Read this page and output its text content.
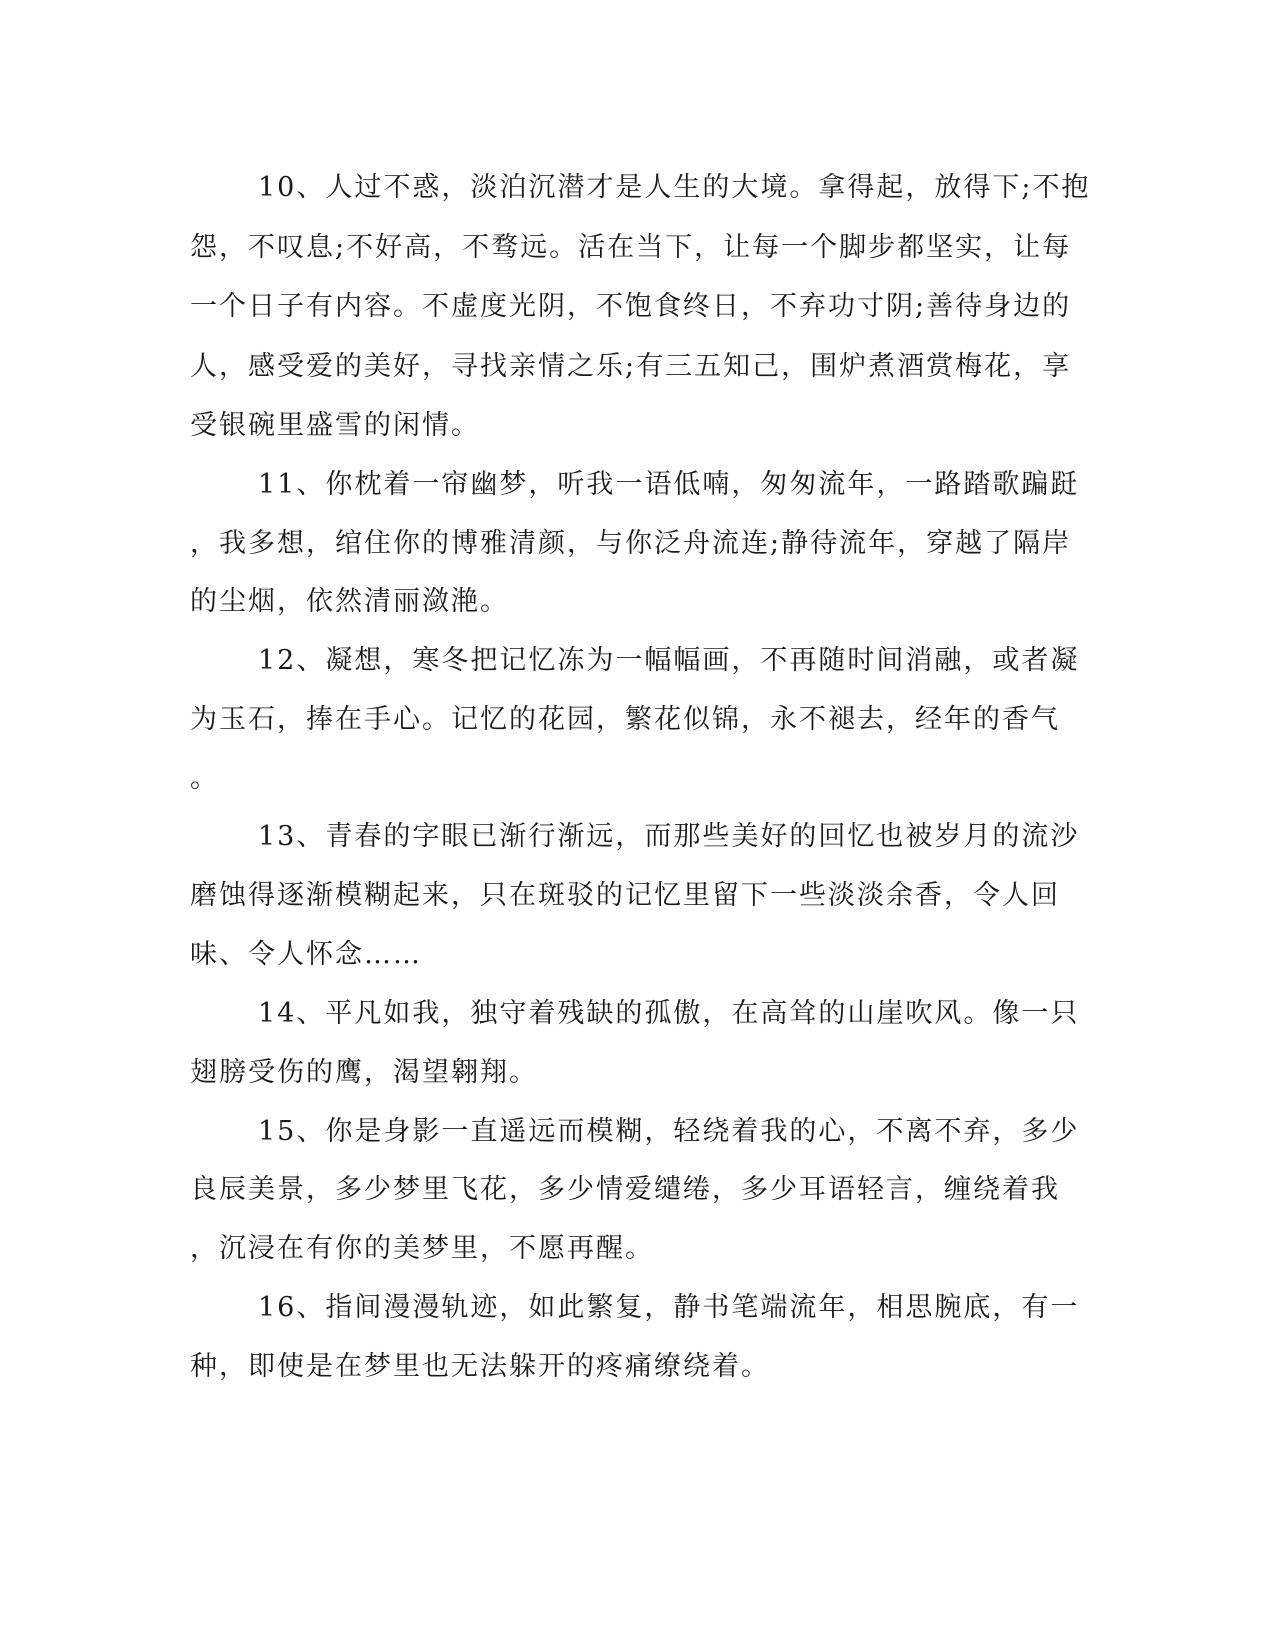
10、人过不惑，淡泊沉潜才是人生的大境。拿得起，放得下;不抱
怨，不叹息;不好高，不骛远。活在当下，让每一个脚步都坚实，让每
一个日子有内容。不虚度光阴，不饱食终日，不弃功寸阴;善待身边的
人，感受爱的美好，寻找亲情之乐;有三五知己，围炉煮酒赏梅花，享
受银碗里盛雪的闲情。
11、你枕着一帘幽梦，听我一语低喃，匆匆流年，一路踏歌蹁跹
，我多想，绾住你的博雅清颜，与你泛舟流连;静待流年，穿越了隔岸
的尘烟，依然清丽潋滟。
12、凝想，寒冬把记忆冻为一幅幅画，不再随时间消融，或者凝
为玉石，捧在手心。记忆的花园，繁花似锦，永不褪去，经年的香气
。
13、青春的字眼已渐行渐远，而那些美好的回忆也被岁月的流沙
磨蚀得逐渐模糊起来，只在斑驳的记忆里留下一些淡淡余香，令人回
味、令人怀念……
14、平凡如我，独守着残缺的孤傲，在高耸的山崖吹风。像一只
翅膀受伤的鹰，渴望翱翔。
15、你是身影一直遥远而模糊，轻绕着我的心，不离不弃，多少
良辰美景，多少梦里飞花，多少情爱缱绻，多少耳语轻言，缠绕着我
，沉浸在有你的美梦里，不愿再醒。
16、指间漫漫轨迹，如此繁复，静书笔端流年，相思腕底，有一
种，即使是在梦里也无法躲开的疼痛缭绕着。
